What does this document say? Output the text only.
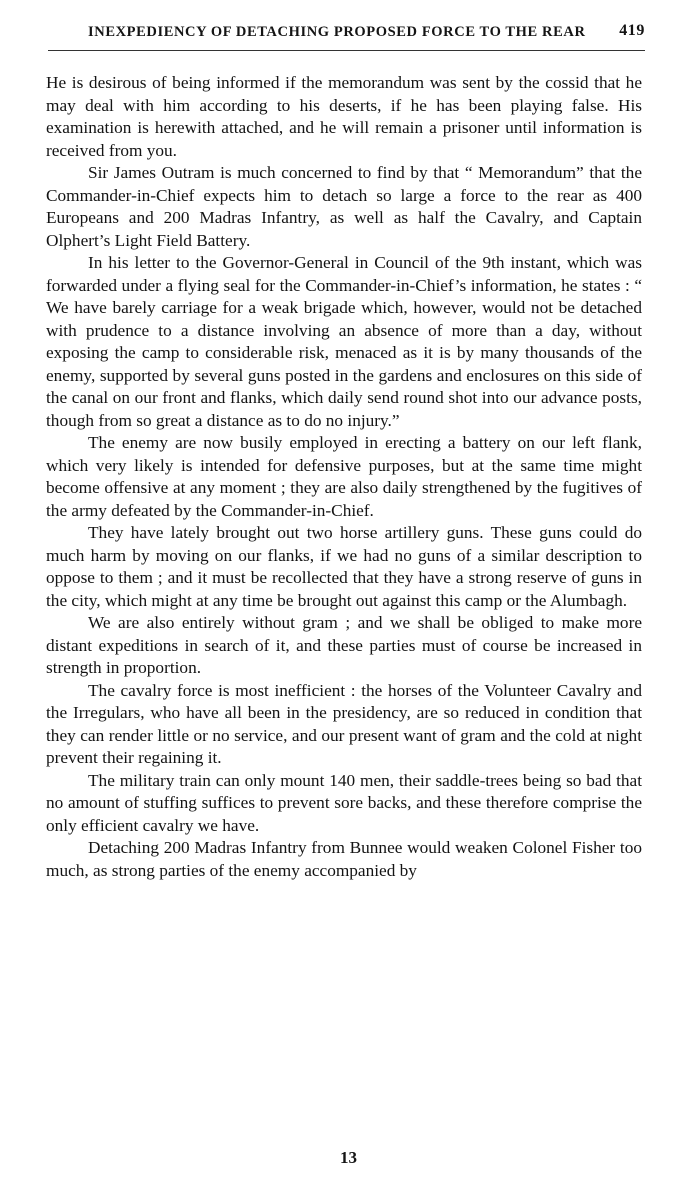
INEXPEDIENCY OF DETACHING PROPOSED FORCE TO THE REAR 419

He is desirous of being informed if the memorandum was sent by the cossid that he may deal with him according to his deserts, if he has been playing false. His examination is herewith attached, and he will remain a prisoner until information is received from you.

Sir James Outram is much concerned to find by that “ Memorandum” that the Commander-in-Chief expects him to detach so large a force to the rear as 400 Europeans and 200 Madras Infantry, as well as half the Cavalry, and Captain Olphert’s Light Field Battery.

In his letter to the Governor-General in Council of the 9th instant, which was forwarded under a flying seal for the Commander-in-Chief’s information, he states : “ We have barely carriage for a weak brigade which, however, would not be detached with prudence to a distance involving an absence of more than a day, without exposing the camp to considerable risk, menaced as it is by many thousands of the enemy, supported by several guns posted in the gardens and enclosures on this side of the canal on our front and flanks, which daily send round shot into our advance posts, though from so great a distance as to do no injury.”

The enemy are now busily employed in erecting a battery on our left flank, which very likely is intended for defensive purposes, but at the same time might become offensive at any moment ; they are also daily strengthened by the fugitives of the army defeated by the Commander-in-Chief.

They have lately brought out two horse artillery guns. These guns could do much harm by moving on our flanks, if we had no guns of a similar description to oppose to them ; and it must be recollected that they have a strong reserve of guns in the city, which might at any time be brought out against this camp or the Alumbagh.

We are also entirely without gram ; and we shall be obliged to make more distant expeditions in search of it, and these parties must of course be increased in strength in proportion.

The cavalry force is most inefficient : the horses of the Volunteer Cavalry and the Irregulars, who have all been in the presidency, are so reduced in condition that they can render little or no service, and our present want of gram and the cold at night prevent their regaining it.

The military train can only mount 140 men, their saddle-trees being so bad that no amount of stuffing suffices to prevent sore backs, and these therefore comprise the only efficient cavalry we have.

Detaching 200 Madras Infantry from Bunnee would weaken Colonel Fisher too much, as strong parties of the enemy accompanied by

13
